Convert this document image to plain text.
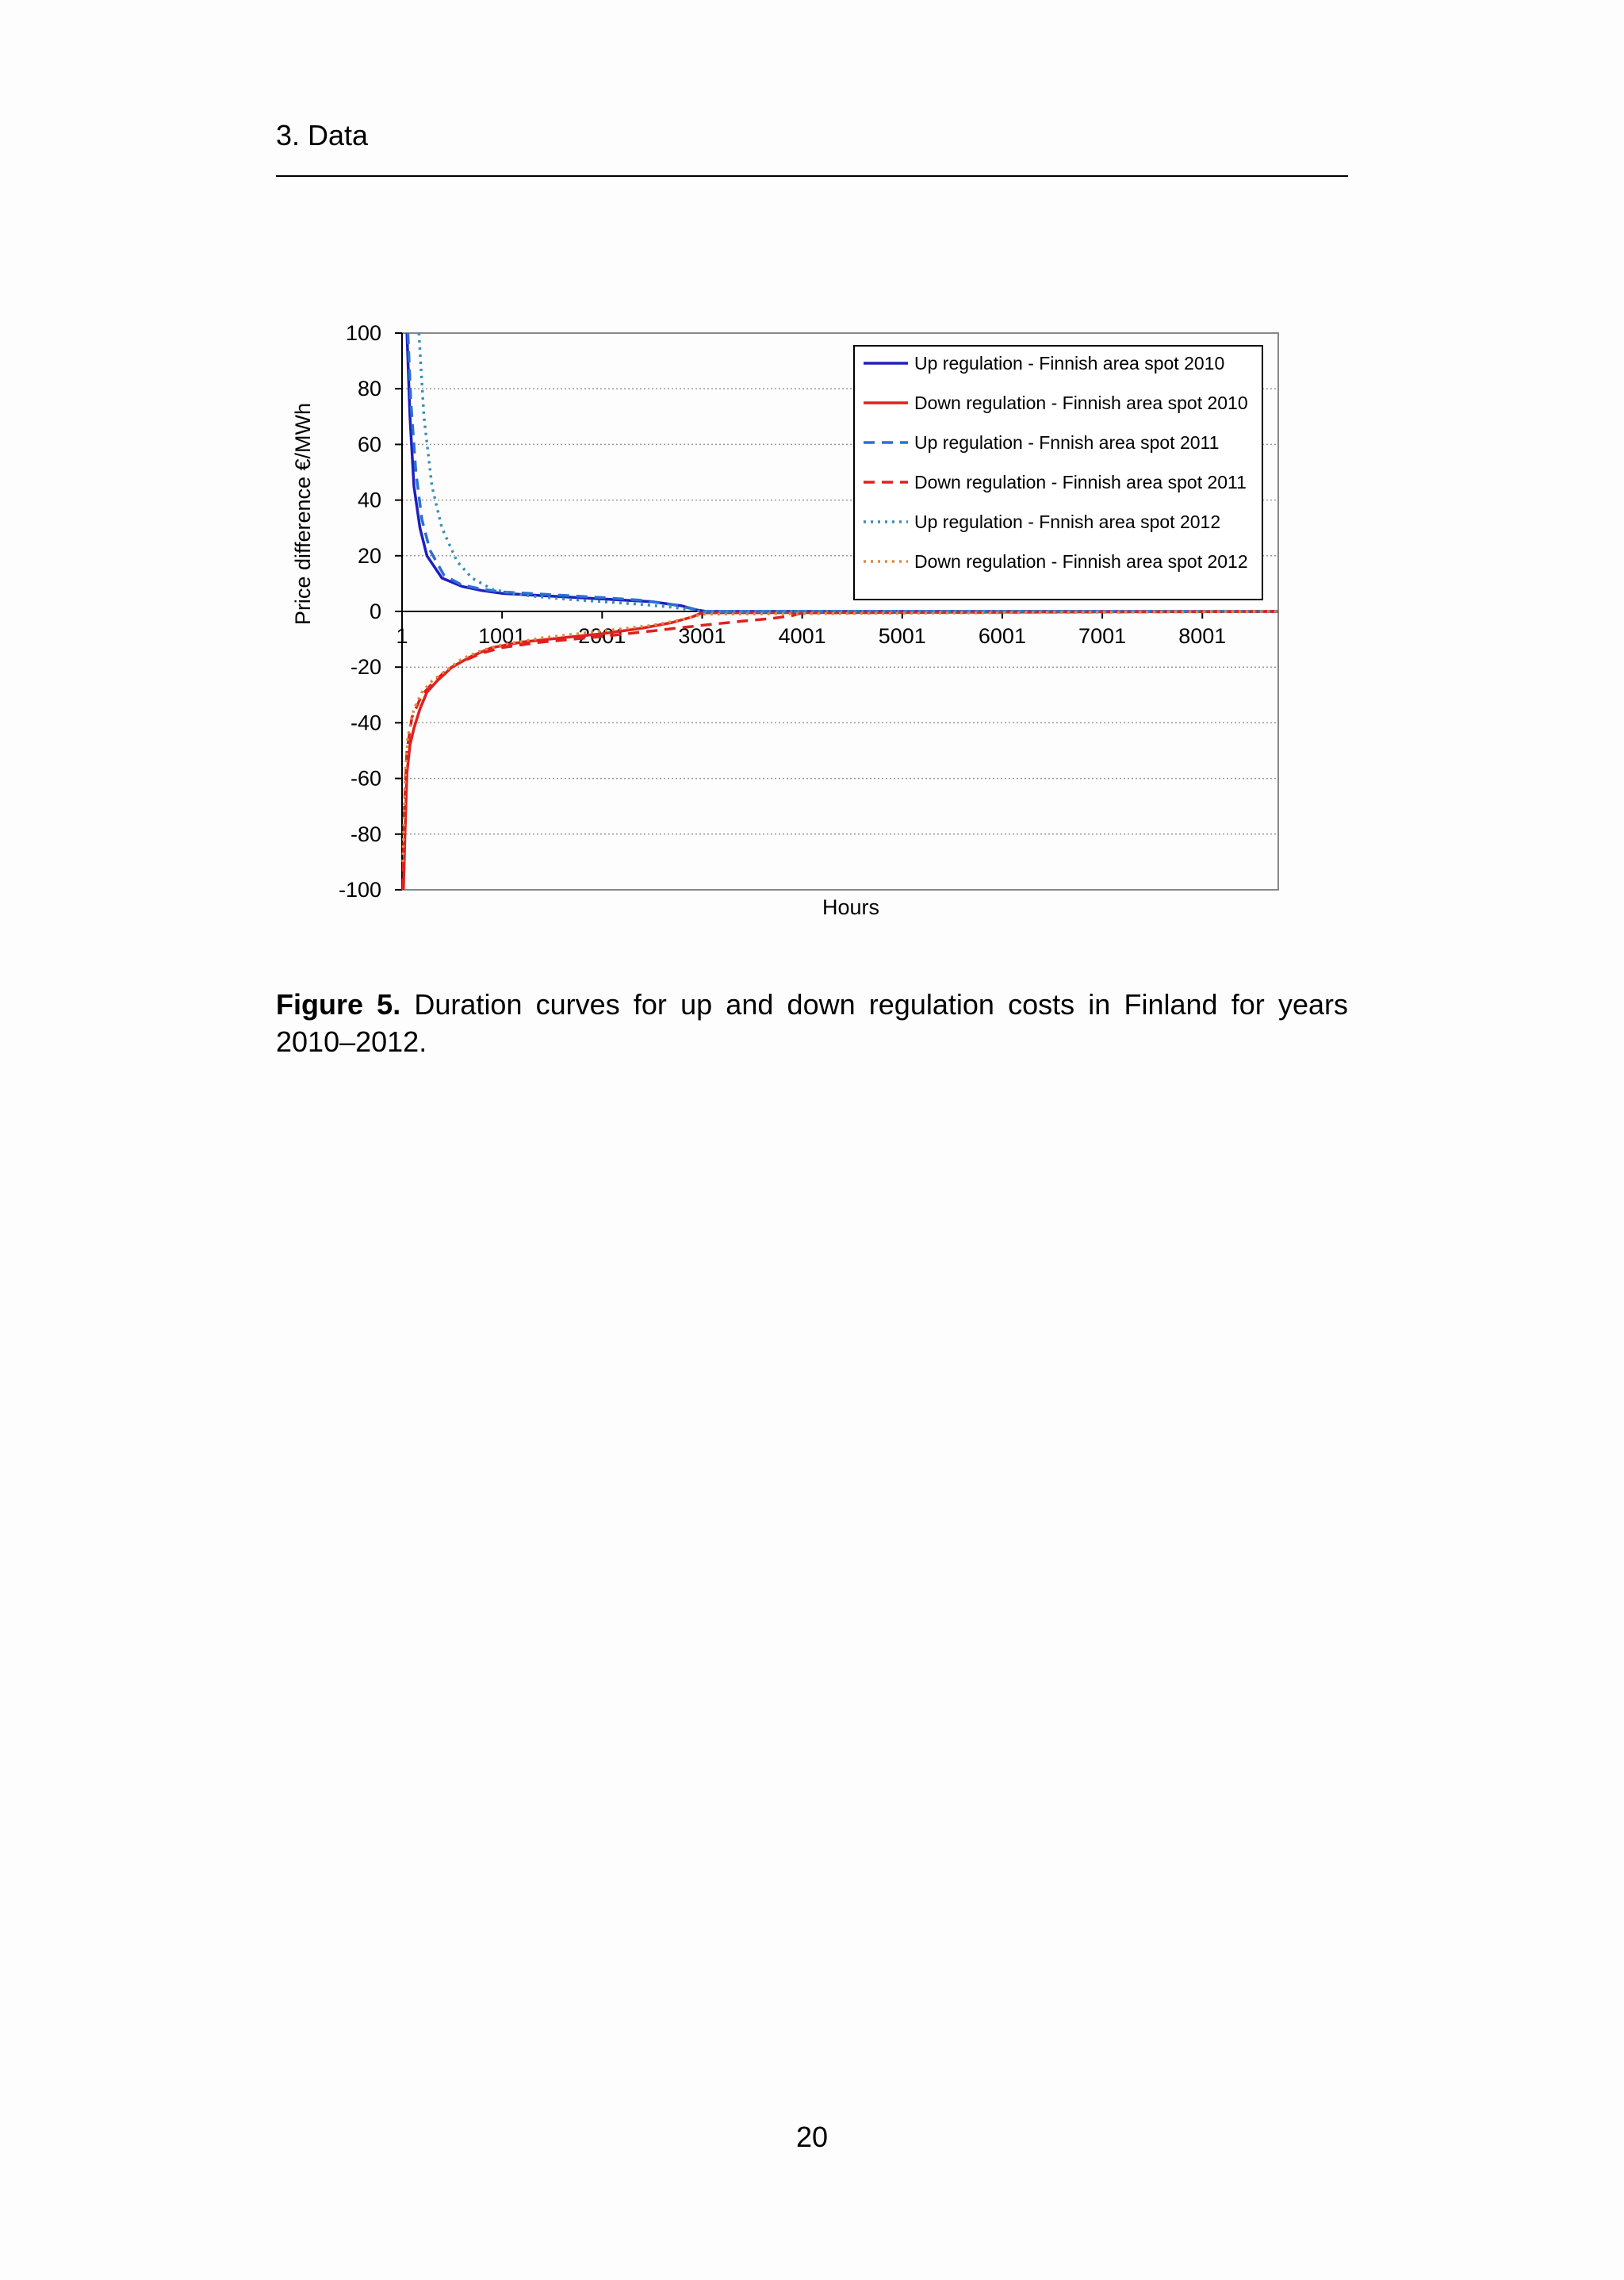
3. Data
100
80
60
40
20
0
-20
-40
-60
-80
-100
1	1001 2001 3001 4001 5001 6001 7001 8001
Up regulation - Finnish area spot 2010
Down regulation - Finnish area spot 2010
Up regulation - Fnnish area spot 2011
Down regulation - Finnish area spot 2011
Up regulation - Fnnish area spot 2012
Down regulation - Finnish area spot 2012
Price difference €/MWh
Hours
Figure 5. Duration curves for up and down regulation costs in Finland for years 2010–2012.
20
